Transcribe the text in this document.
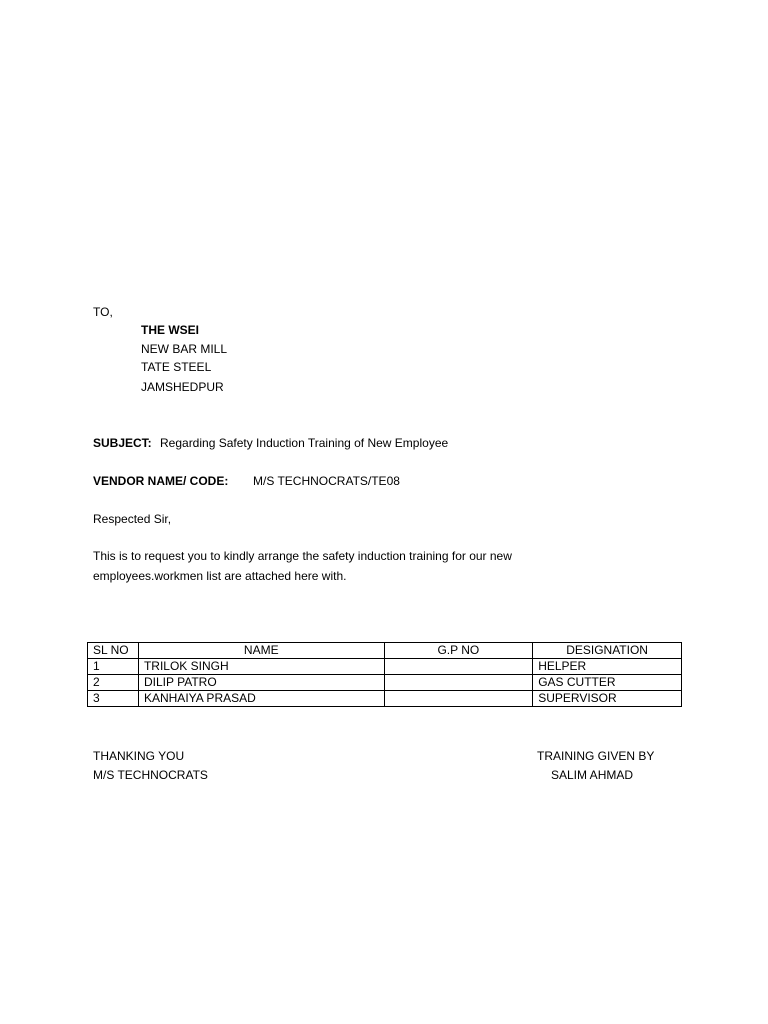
TO,
THE WSEI
NEW BAR MILL
TATE STEEL
JAMSHEDPUR
SUBJECT: Regarding Safety Induction Training of New Employee
VENDOR NAME/ CODE: M/S TECHNOCRATS/TE08
Respected Sir,
This is to request you to kindly arrange the safety induction training for our new
employees.workmen list are attached here with.
SL NO	NAME	G.P NO	DESIGNATION
1	TRILOK SINGH		HELPER
2	DILIP PATRO		GAS CUTTER
3	KANHAIYA PRASAD		SUPERVISOR
THANKING YOU
M/S TECHNOCRATS
TRAINING GIVEN BY
SALIM AHMAD
